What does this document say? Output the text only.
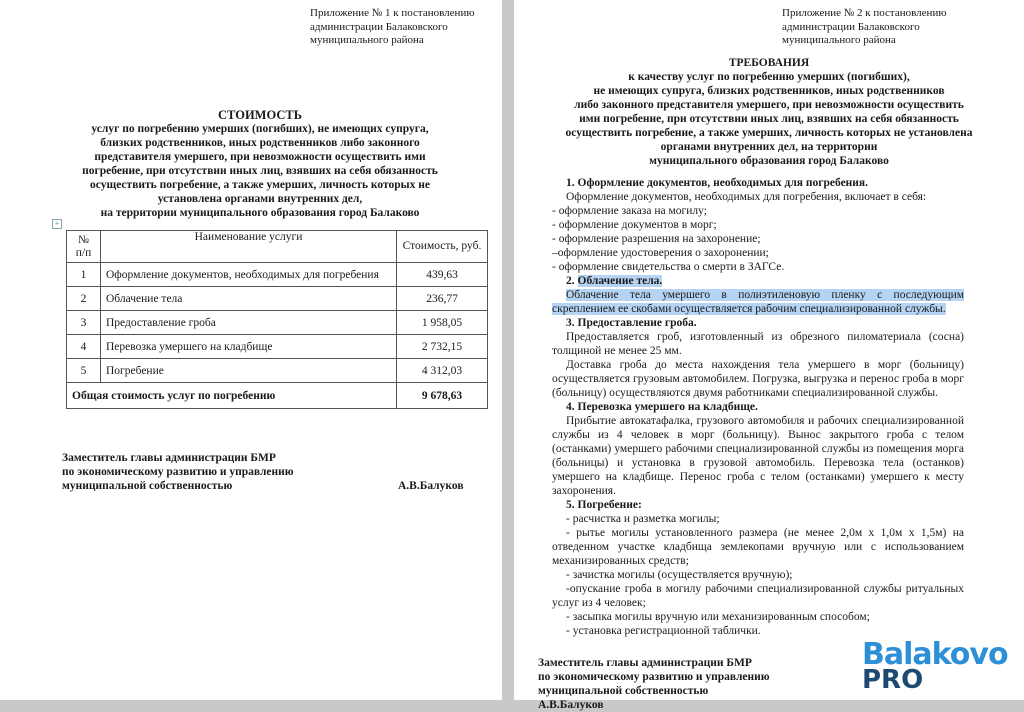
Приложение № 1 к постановлению
администрации Балаковского
муниципального района
СТОИМОСТЬ
услуг по погребению умерших (погибших), не имеющих супруга,
близких родственников, иных родственников либо законного
представителя умершего, при невозможности осуществить ими
погребение, при отсутствии иных лиц, взявших на себя обязанность
осуществить погребение, а также умерших, личность которых не
установлена органами внутренних дел,
на территории муниципального образования город Балаково
+
№ п/п	Наименование услуги	Стоимость, руб.
1	Оформление документов, необходимых для погребения	439,63
2	Облачение тела	236,77
3	Предоставление гроба	1 958,05
4	Перевозка умершего на кладбище	2 732,15
5	Погребение	4 312,03
Общая стоимость услуг по погребению		9 678,63
Заместитель главы администрации БМР
по экономическому развитию и управлению
муниципальной собственностью	А.В.Балуков
Приложение № 2 к постановлению
администрации Балаковского
муниципального района
ТРЕБОВАНИЯ
к качеству услуг по погребению умерших (погибших),
не имеющих супруга, близких родственников, иных родственников
либо законного представителя умершего, при невозможности осуществить
ими погребение, при отсутствии иных лиц, взявших на себя обязанность
осуществить погребение, а также умерших, личность которых не установлена
органами внутренних дел, на территории
муниципального образования город Балаково

1. Оформление документов, необходимых для погребения.

Оформление документов, необходимых для погребения, включает в себя:

- оформление заказа на могилу;

- оформление документов в морг;

- оформление разрешения на захоронение;

–оформление удостоверения о захоронении;

- оформление свидетельства о смерти в ЗАГСе.

2. Облачение тела.

Облачение тела умершего в полиэтиленовую пленку с последующим скреплением ее скобами осуществляется рабочим специализированной службы.

3. Предоставление гроба.

Предоставляется гроб, изготовленный из обрезного пиломатериала (сосна) толщиной не менее 25 мм.

Доставка гроба до места нахождения тела умершего в морг (больницу) осуществляется грузовым автомобилем. Погрузка, выгрузка и перенос гроба в морг (больницу) осуществляются двумя работниками специализированной службы.

4. Перевозка умершего на кладбище.

Прибытие автокатафалка, грузового автомобиля и рабочих специализированной службы из 4 человек в морг (больницу). Вынос закрытого гроба с телом (останками) умершего рабочими специализированной службы из помещения морга (больницы) и установка в грузовой автомобиль. Перевозка тела (останков) умершего на кладбище. Перенос гроба с телом (останками) умершего к месту захоронения.

5. Погребение:

- расчистка и разметка могилы;

- рытье могилы установленного размера (не менее 2,0м х 1,0м х 1,5м) на отведенном участке кладбища землекопами вручную или с использованием механизированных средств;

- зачистка могилы (осуществляется вручную);

-опускание гроба в могилу рабочими специализированной службы ритуальных услуг из 4 человек;

- засыпка могилы вручную или механизированным способом;

- установка регистрационной таблички.

Заместитель главы администрации БМР
по экономическому развитию и управлению
муниципальной собственностью
А.В.Балуков
Balakovo
PRO
